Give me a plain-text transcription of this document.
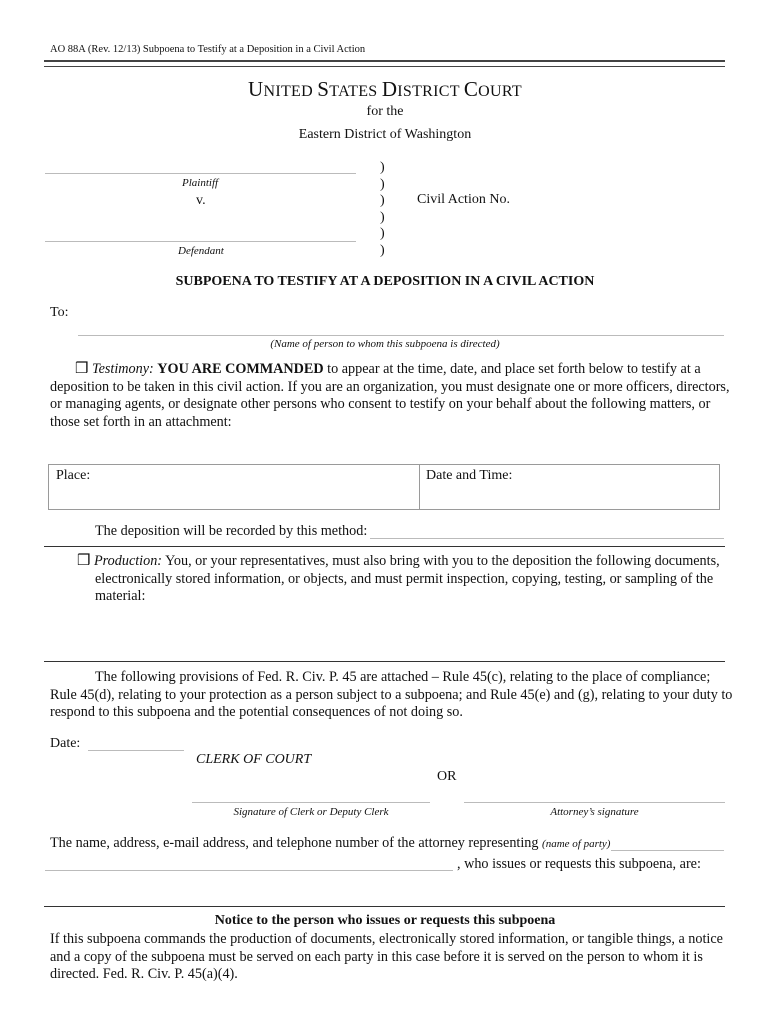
AO 88A (Rev. 12/13) Subpoena to Testify at a Deposition in a Civil Action
UNITED STATES DISTRICT COURT
for the
Eastern District of Washington
Plaintiff
v.
Defendant
)
)
)
)
)
)
Civil Action No.
SUBPOENA TO TESTIFY AT A DEPOSITION IN A CIVIL ACTION
To:
(Name of person to whom this subpoena is directed)
❒ Testimony: YOU ARE COMMANDED to appear at the time, date, and place set forth below to testify at a
deposition to be taken in this civil action. If you are an organization, you must designate one or more officers, directors,
or managing agents, or designate other persons who consent to testify on your behalf about the following matters, or
those set forth in an attachment:
Place:	Date and Time:
The deposition will be recorded by this method:
❒ Production: You, or your representatives, must also bring with you to the deposition the following documents,
electronically stored information, or objects, and must permit inspection, copying, testing, or sampling of the
material:
The following provisions of Fed. R. Civ. P. 45 are attached – Rule 45(c), relating to the place of compliance;
Rule 45(d), relating to your protection as a person subject to a subpoena; and Rule 45(e) and (g), relating to your duty to
respond to this subpoena and the potential consequences of not doing so.
Date:
CLERK OF COURT
OR
Signature of Clerk or Deputy Clerk	Attorney’s signature
The name, address, e-mail address, and telephone number of the attorney representing (name of party)
, who issues or requests this subpoena, are:
Notice to the person who issues or requests this subpoena
If this subpoena commands the production of documents, electronically stored information, or tangible things, a notice
and a copy of the subpoena must be served on each party in this case before it is served on the person to whom it is
directed. Fed. R. Civ. P. 45(a)(4).
